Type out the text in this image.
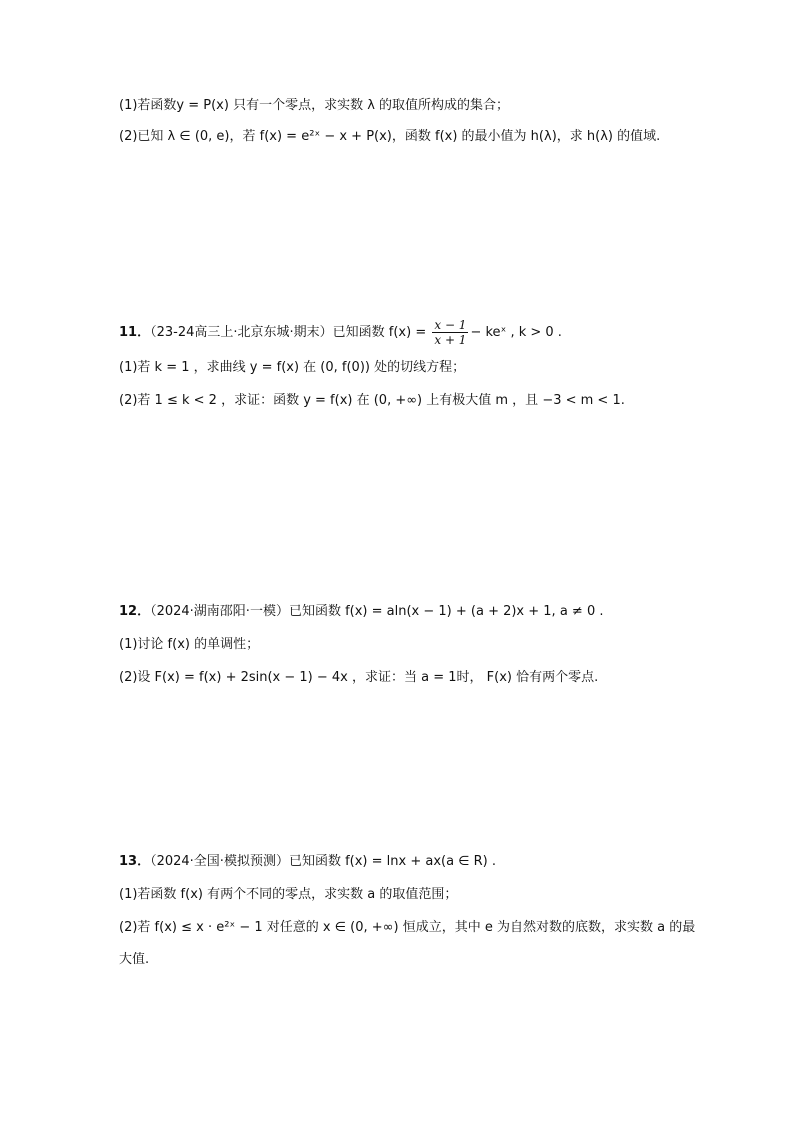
(1)若函数y = P(x) 只有一个零点，求实数 λ 的取值所构成的集合；
(2)已知 λ ∈ (0, e)，若 f(x) = e²ˣ − x + P(x)，函数 f(x) 的最小值为 h(λ)，求 h(λ) 的值域.
11．（23-24高三上·北京东城·期末）已知函数 $f(x) = \frac{x - 1}{x + 1}$ − keˣ , k > 0 .
(1)若 k = 1 ，求曲线 y = f(x) 在 (0, f(0)) 处的切线方程；
(2)若 1 ≤ k < 2 ，求证：函数 y = f(x) 在 (0, +∞) 上有极大值 m ，且 −3 < m < 1.
12．（2024·湖南邵阳·一模）已知函数 f(x) = aln(x − 1) + (a + 2)x + 1, a ≠ 0 .
(1)讨论 f(x) 的单调性；
(2)设 F(x) = f(x) + 2sin(x − 1) − 4x ，求证：当 a = 1时， F(x) 恰有两个零点.
13．（2024·全国·模拟预测）已知函数 f(x) = lnx + ax(a ∈ R) .
(1)若函数 f(x) 有两个不同的零点，求实数 a 的取值范围；
(2)若 f(x) ≤ x · e²ˣ − 1 对任意的 x ∈ (0, +∞) 恒成立，其中 e 为自然对数的底数，求实数 a 的最
大值.
